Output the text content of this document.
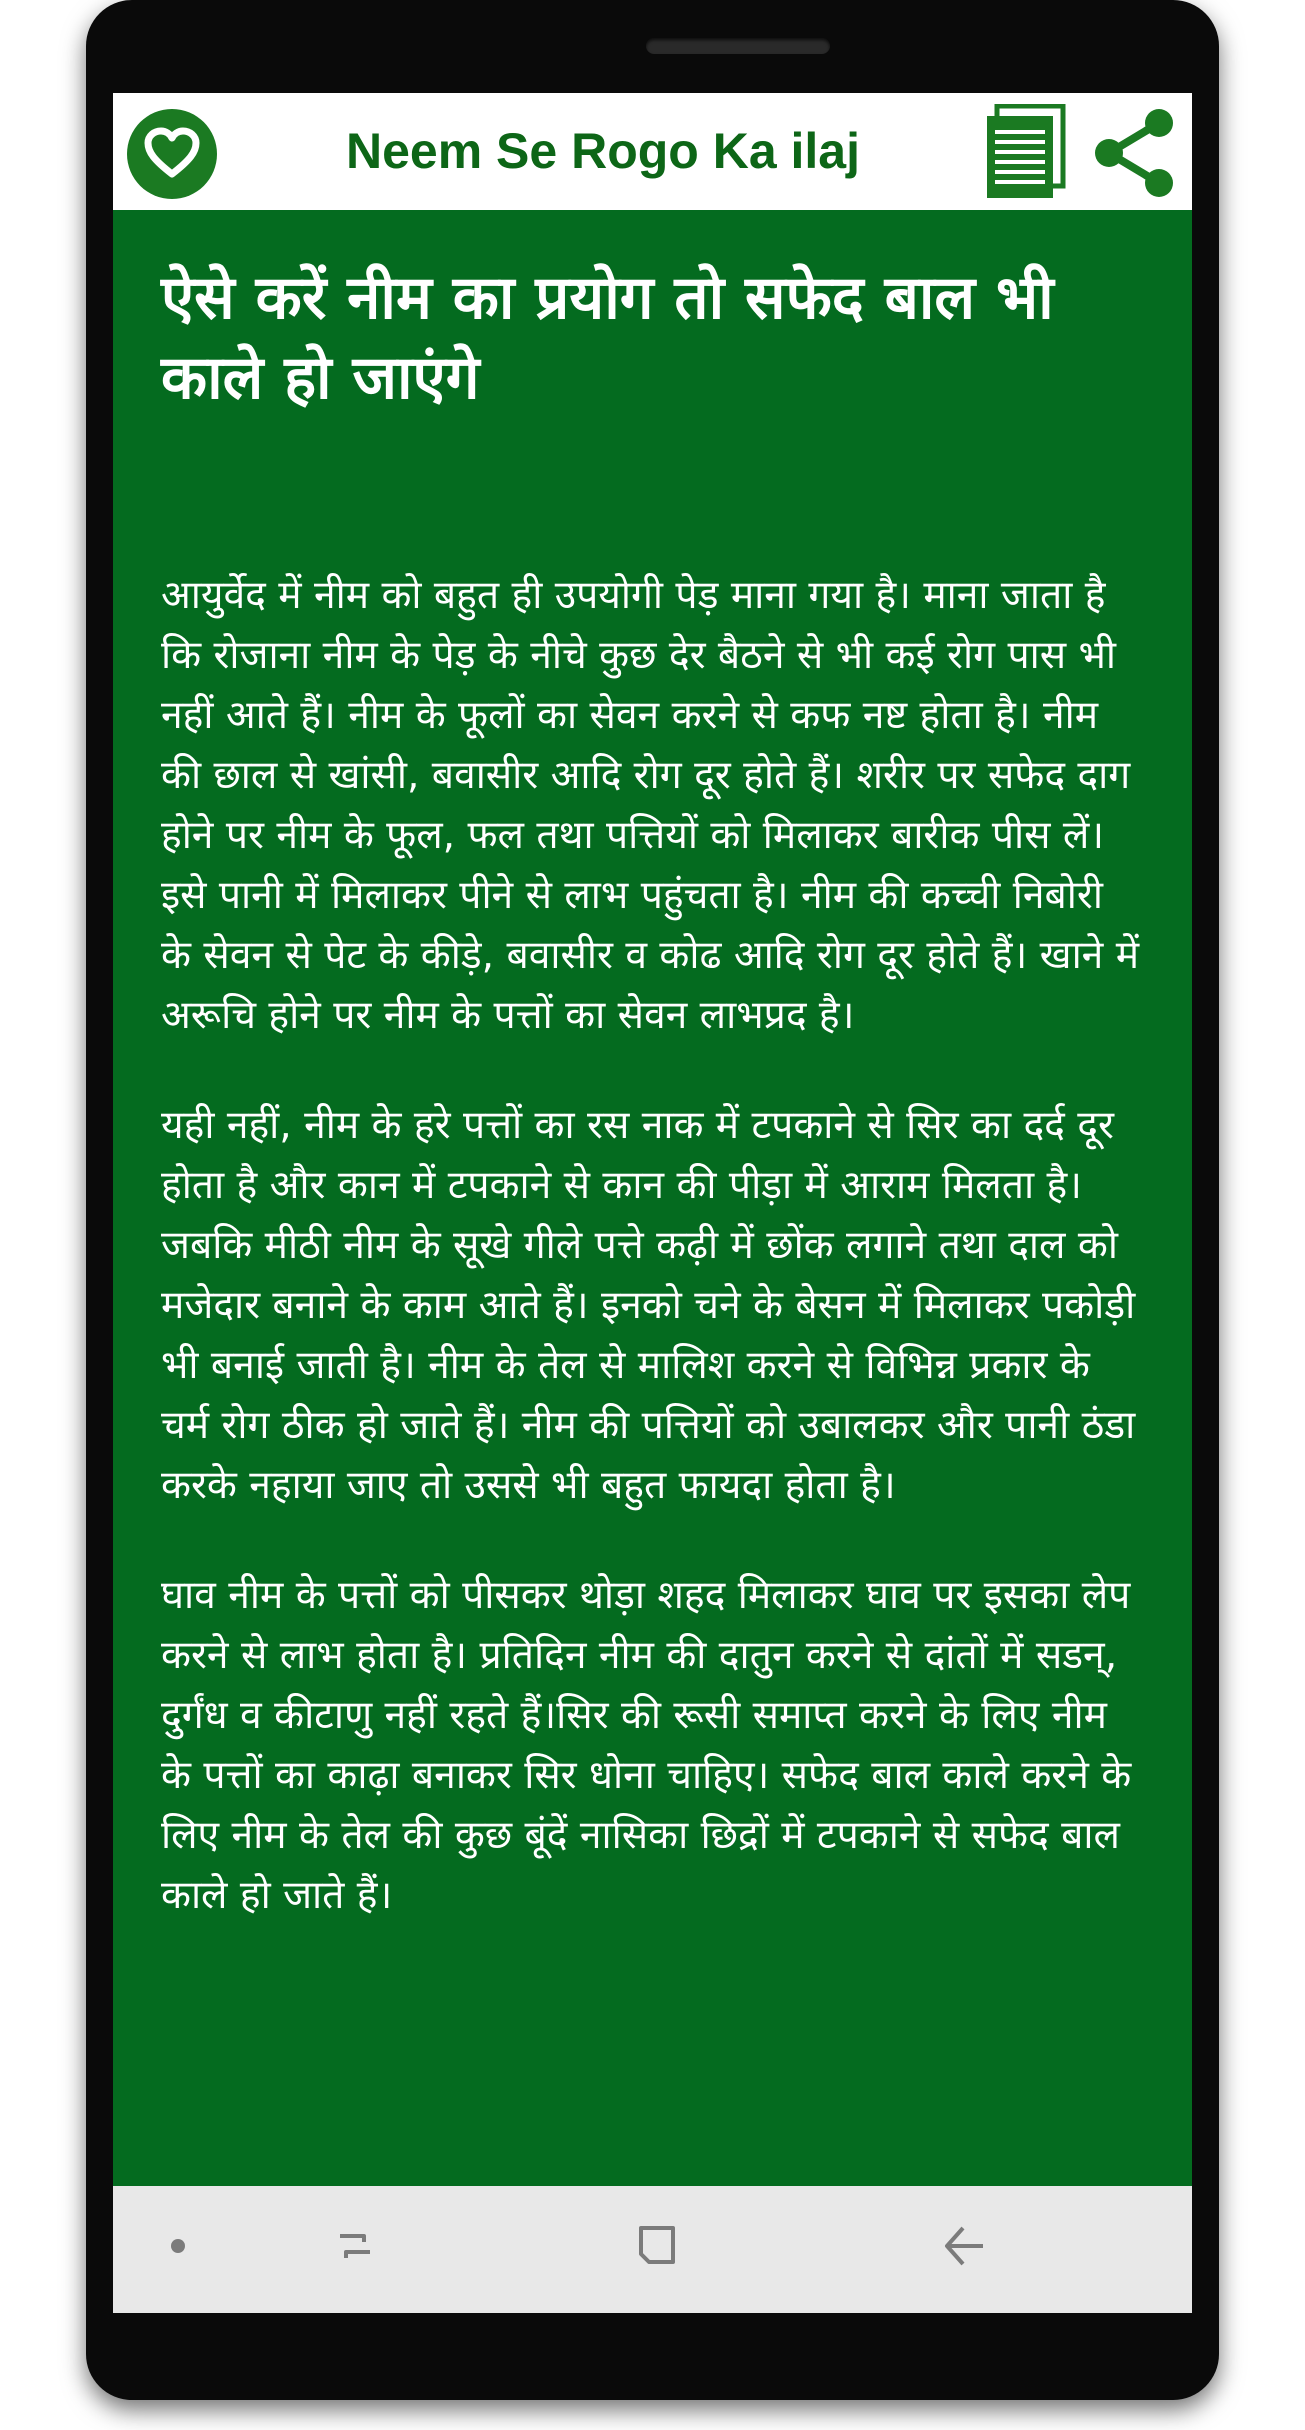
Neem Se Rogo Ka ilaj
ऐसे करें नीम का प्रयोग तो सफेद बाल भी काले हो जाएंगे

आयुर्वेद में नीम को बहुत ही उपयोगी पेड़ माना गया है। माना जाता है कि रोजाना नीम के पेड़ के नीचे कुछ देर बैठने से भी कई रोग पास भी नहीं आते हैं। नीम के फूलों का सेवन करने से कफ नष्ट होता है। नीम की छाल से खांसी, बवासीर आदि रोग दूर होते हैं। शरीर पर सफेद दाग होने पर नीम के फूल, फल तथा पत्तियों को मिलाकर बारीक पीस लें। इसे पानी में मिलाकर पीने से लाभ पहुंचता है। नीम की कच्ची निबोरी के सेवन से पेट के कीड़े, बवासीर व कोढ आदि रोग दूर होते हैं। खाने में अरूचि होने पर नीम के पत्तों का सेवन लाभप्रद है।

यही नहीं, नीम के हरे पत्तों का रस नाक में टपकाने से सिर का दर्द दूर होता है और कान में टपकाने से कान की पीड़ा में आराम मिलता है। जबकि मीठी नीम के सूखे गीले पत्ते कढ़ी में छोंक लगाने तथा दाल को मजेदार बनाने के काम आते हैं। इनको चने के बेसन में मिलाकर पकोड़ी भी बनाई जाती है। नीम के तेल से मालिश करने से विभिन्न प्रकार के चर्म रोग ठीक हो जाते हैं। नीम की पत्तियों को उबालकर और पानी ठंडा करके नहाया जाए तो उससे भी बहुत फायदा होता है।

घाव नीम के पत्तों को पीसकर थोड़ा शहद मिलाकर घाव पर इसका लेप करने से लाभ होता है। प्रतिदिन नीम की दातुन करने से दांतों में सडन्, दुर्गंध व कीटाणु नहीं रहते हैं।सिर की रूसी समाप्त करने के लिए नीम के पत्तों का काढ़ा बनाकर सिर धोना चाहिए। सफेद बाल काले करने के लिए नीम के तेल की कुछ बूंदें नासिका छिद्रों में टपकाने से सफेद बाल काले हो जाते हैं।
